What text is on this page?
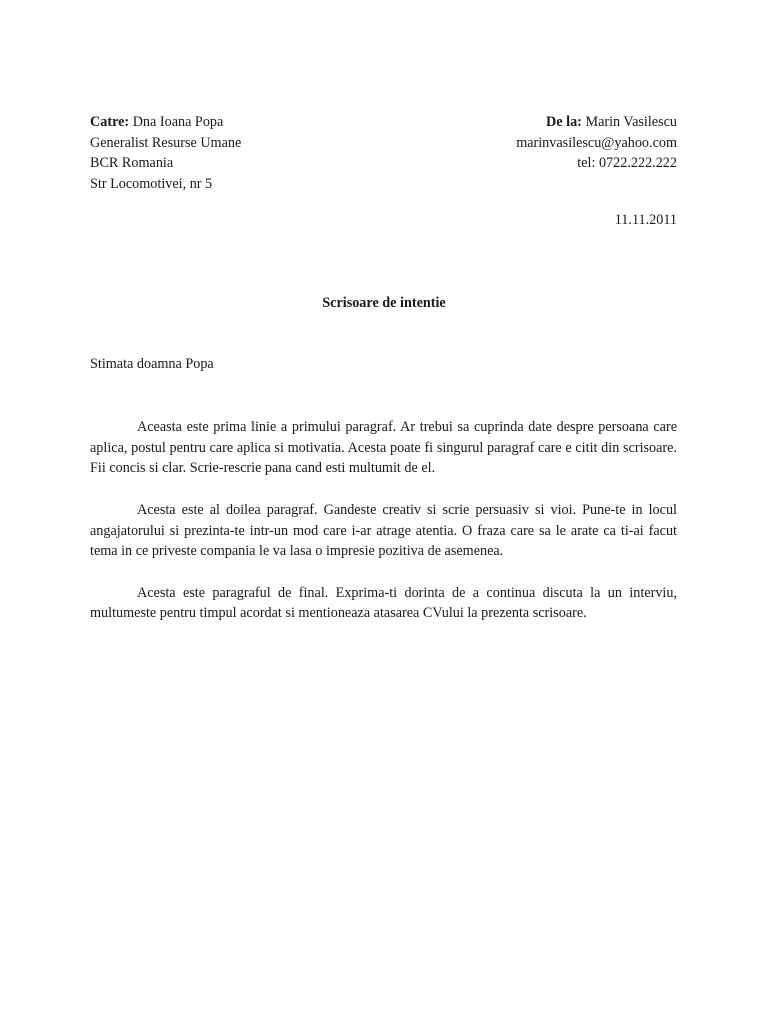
Catre: Dna Ioana Popa
Generalist Resurse Umane
BCR Romania
Str Locomotivei, nr 5
De la: Marin Vasilescu
marinvasilescu@yahoo.com
tel: 0722.222.222
11.11.2011
Scrisoare de intentie
Stimata doamna Popa

Aceasta este prima linie a primului paragraf. Ar trebui sa cuprinda date despre persoana care aplica, postul pentru care aplica si motivatia. Acesta poate fi singurul paragraf care e citit din scrisoare. Fii concis si clar. Scrie-rescrie pana cand esti multumit de el.

Acesta este al doilea paragraf. Gandeste creativ si scrie persuasiv si vioi. Pune-te in locul angajatorului si prezinta-te intr-un mod care i-ar atrage atentia. O fraza care sa le arate ca ti-ai facut tema in ce priveste compania le va lasa o impresie pozitiva de asemenea.

Acesta este paragraful de final. Exprima-ti dorinta de a continua discuta la un interviu, multumeste pentru timpul acordat si mentioneaza atasarea CVului la prezenta scrisoare.
